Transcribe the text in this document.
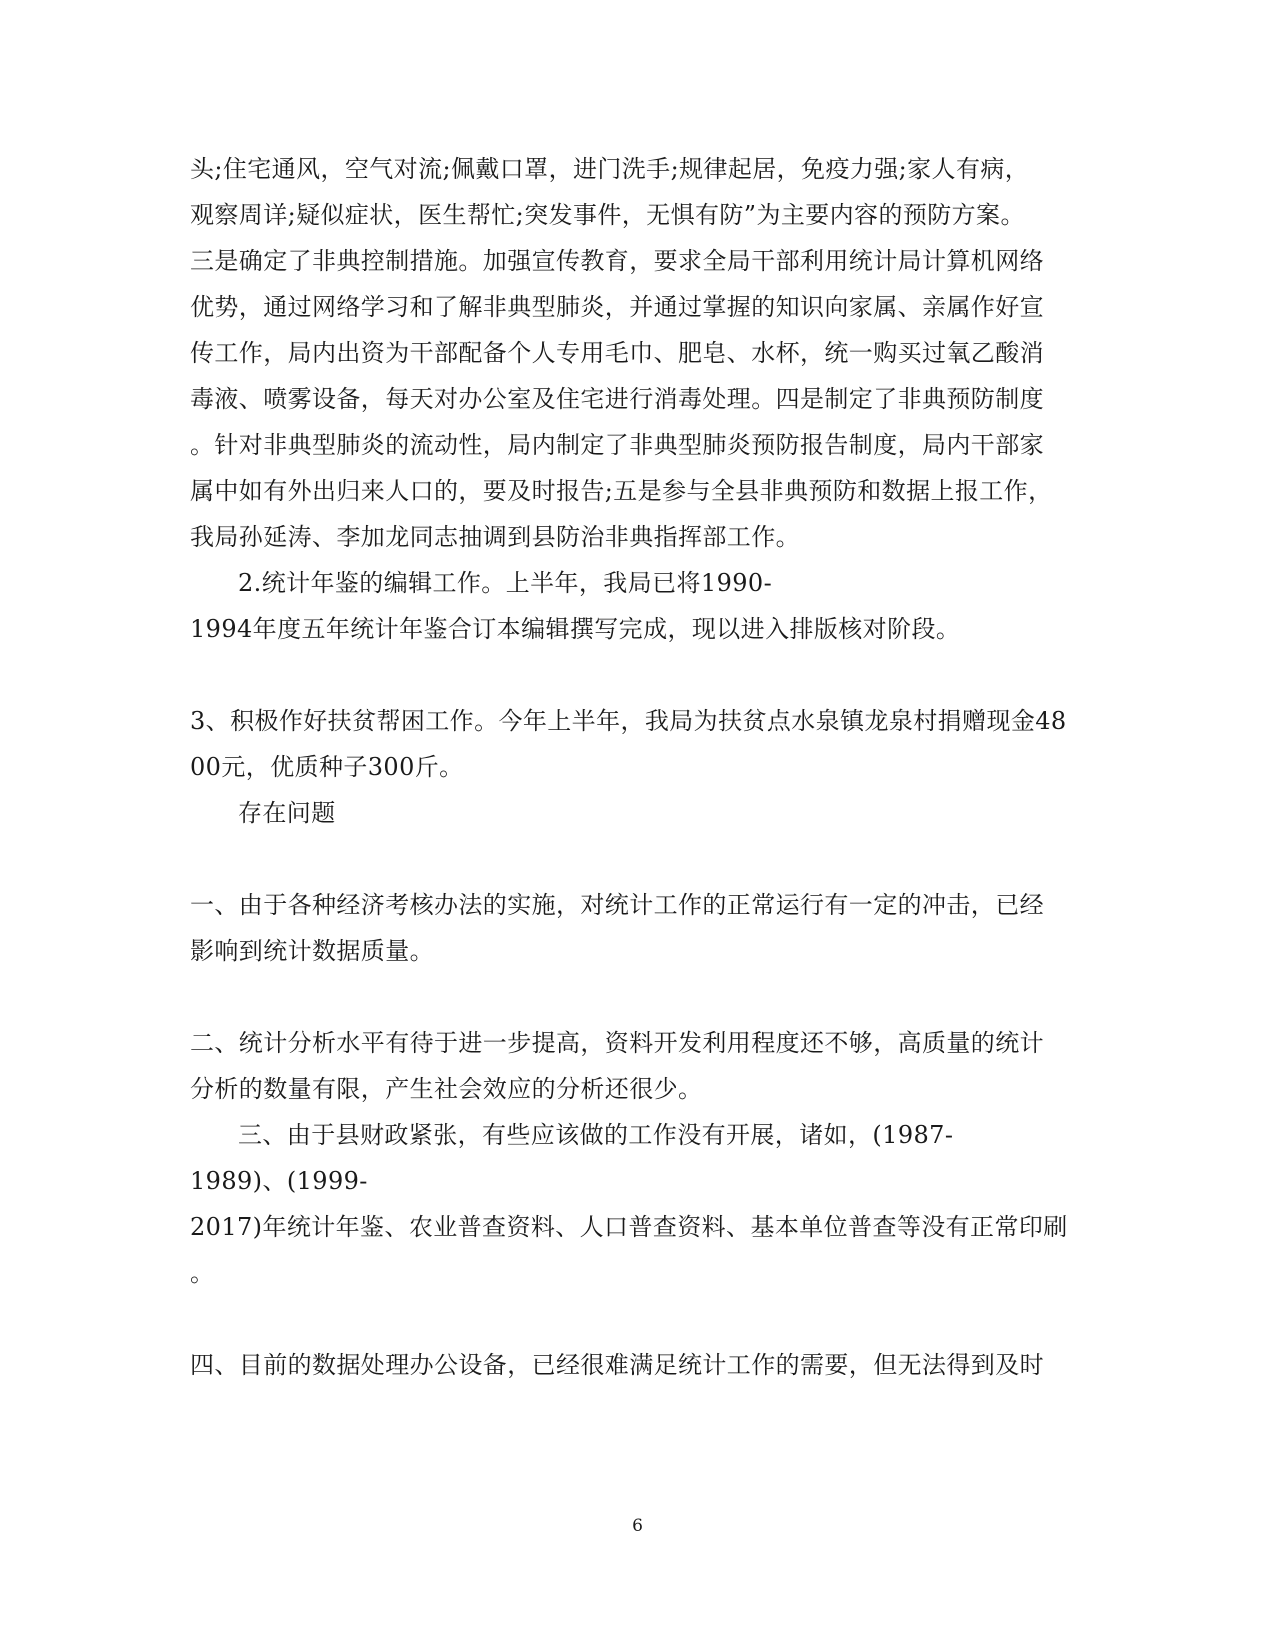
头;住宅通风，空气对流;佩戴口罩，进门洗手;规律起居，免疫力强;家人有病，
观察周详;疑似症状，医生帮忙;突发事件，无惧有防”为主要内容的预防方案。
三是确定了非典控制措施。加强宣传教育，要求全局干部利用统计局计算机网络
优势，通过网络学习和了解非典型肺炎，并通过掌握的知识向家属、亲属作好宣
传工作，局内出资为干部配备个人专用毛巾、肥皂、水杯，统一购买过氧乙酸消
毒液、喷雾设备，每天对办公室及住宅进行消毒处理。四是制定了非典预防制度
。针对非典型肺炎的流动性，局内制定了非典型肺炎预防报告制度，局内干部家
属中如有外出归来人口的，要及时报告;五是参与全县非典预防和数据上报工作，
我局孙延涛、李加龙同志抽调到县防治非典指挥部工作。
2.统计年鉴的编辑工作。上半年，我局已将1990-
1994年度五年统计年鉴合订本编辑撰写完成，现以进入排版核对阶段。
3、积极作好扶贫帮困工作。今年上半年，我局为扶贫点水泉镇龙泉村捐赠现金48
00元，优质种子300斤。
存在问题
一、由于各种经济考核办法的实施，对统计工作的正常运行有一定的冲击，已经
影响到统计数据质量。
二、统计分析水平有待于进一步提高，资料开发利用程度还不够，高质量的统计
分析的数量有限，产生社会效应的分析还很少。
三、由于县财政紧张，有些应该做的工作没有开展，诸如，(1987-
1989)、(1999-
2017)年统计年鉴、农业普查资料、人口普查资料、基本单位普查等没有正常印刷
。
四、目前的数据处理办公设备，已经很难满足统计工作的需要，但无法得到及时
6
